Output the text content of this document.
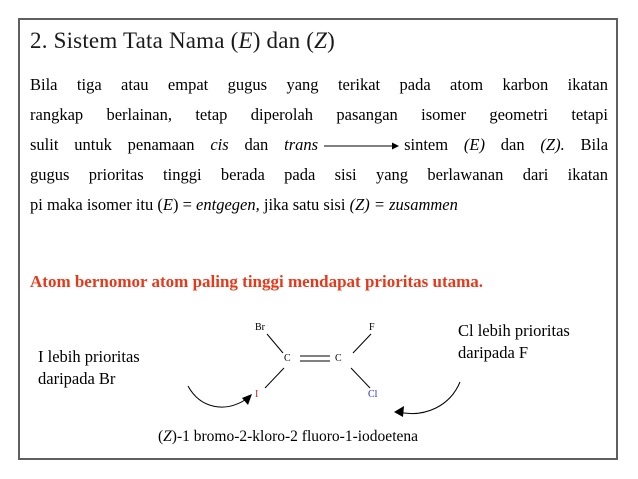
2. Sistem Tata Nama (E) dan (Z)
Bila tiga atau empat gugus yang terikat pada atom karbon ikatan
rangkap berlainan, tetap diperolah pasangan isomer geometri tetapi
sulit untuk penamaan cis dan trans	sintem (E) dan (Z). Bila
gugus prioritas tinggi berada pada sisi yang berlawanan dari ikatan
pi maka isomer itu (E) = entgegen, jika satu sisi (Z) = zusammen
Atom bernomor atom paling tinggi mendapat prioritas utama.
I lebih prioritas
daripada Br
Cl lebih prioritas
daripada F
Br	F
C	C
I	Cl
(Z)-1 bromo-2-kloro-2 fluoro-1-iodoetena
